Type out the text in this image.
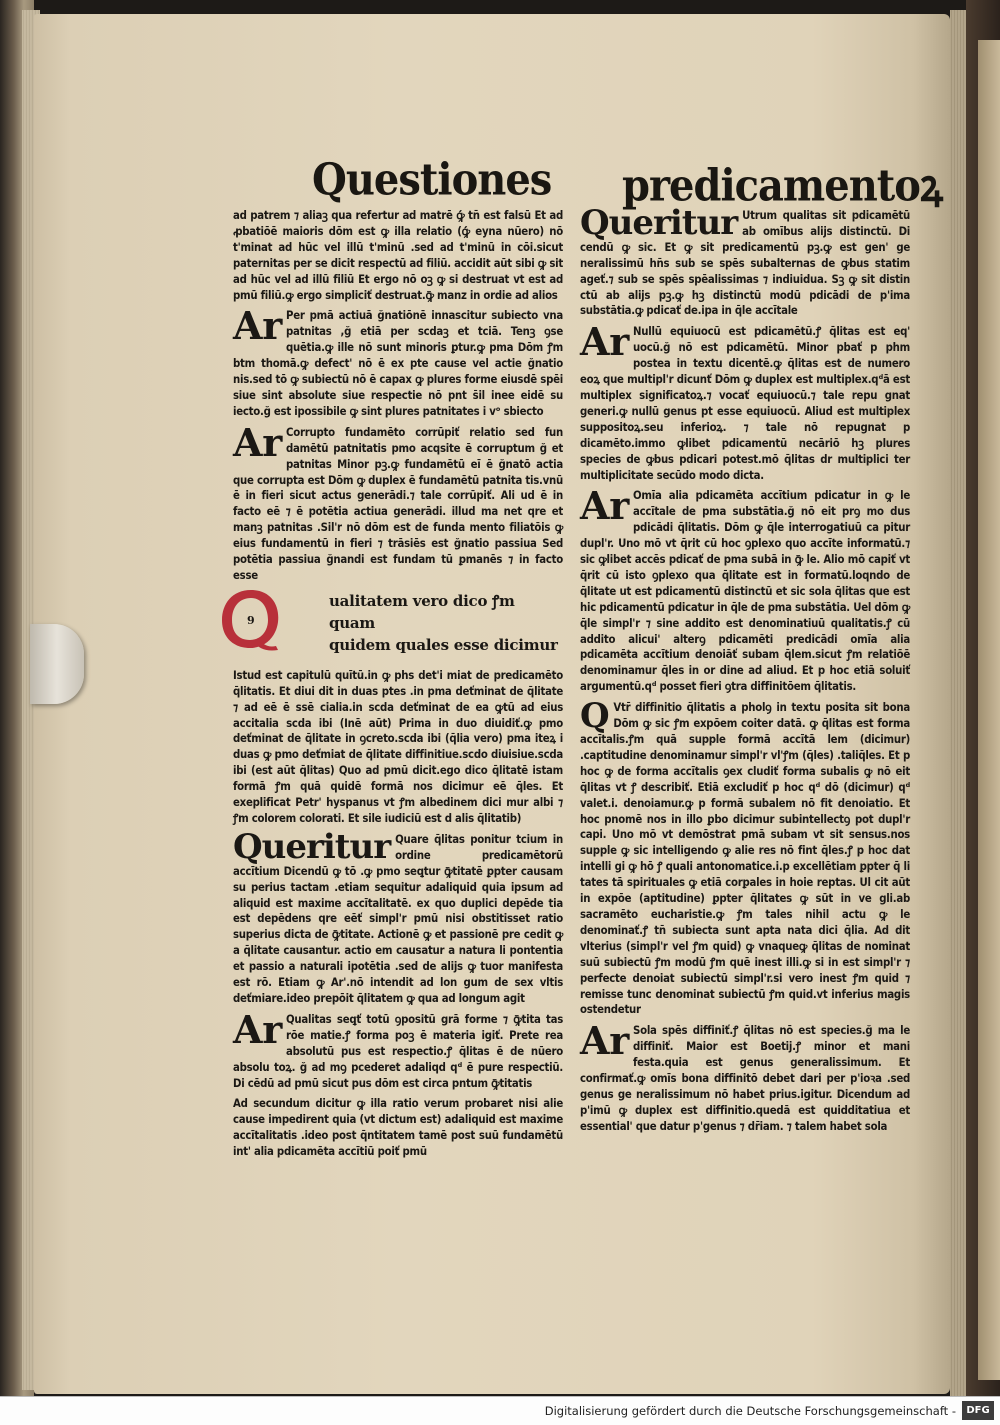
Questiones predicamentoꝝ

ad patrem ⁊ aliaꝫ qua refertur ad matrē ꝙ́ tn̄ est falsū Et ad ꝓbatiōē maioris dōm est ꝙ illa relatio (ꝙ́ eyna nūero) nō t'minat ad hūc vel illū t'minū .sed ad t'minū in cōi.sicut paternitas per se dicit respectū ad filiū. accidit aūt sibi ꝙ sit ad hūc vel ad illū filiū Et ergo nō oꝫ ꝙ si destruat vt est ad pmū filiū.ꝙ ergo simpliciť destruat.ꝙ̄ manz in ordie ad alios

Ar Per pmā actiuā ğnatiōnē innascitur subiecto vna patnitas ,ğ etiā per scdaꝫ et tciā. Tenꝫ ꝯse quētia.ꝙ ille nō sunt minoris ꝑtur.ꝙ pma Dōm ꝭm btm thomā.ꝙ defect' nō ē ex pte cause vel actie ğnatio nis.sed tō ꝙ subiectū nō ē capax ꝙ plures forme eiusdē spēi siue sint absolute siue respectie nō pnt s̄il inee eidē su iecto.ğ est ipossibile ꝙ sint plures patnitates i vᵒ sbiecto

Ar Corrupto fundamēto corrūpiť relatio sed fun damētū patnitatis pmo acqsite ē corruptum ğ et patnitas Minor pꝫ.ꝙ fundamētū eī ē ğnatō actia que corrupta est Dōm ꝙ duplex ē fundamētū patnita tis.vnū ē in fieri sicut actus generādi.⁊ tale corrūpiť. Ali ud ē in facto eē ⁊ ē potētia actiua generādi. illud ma net qre et manꝫ patnitas .Sil'r nō dōm est de funda mento filiatōis ꝙ eius fundamentū in fieri ⁊ trāsiēs est ğnatio passiua Sed potētia passiua ğnandi est fundam tū ꝑmanēs ⁊ in facto esse

9
ualitatem vero dico ꝭm quam
quidem quales esse dicimur

Istud est capitulū quītū.in ꝙ phs det'i miat de predicamēto q̄litatis. Et diui dit in duas ptes .in pma deťminat de q̄litate ⁊ ad eē ē ssē cialia.in scda deťminat de ea ꝙtū ad eius accitalia scda ibi (Inē aūt) Prima in duo diuidiť.ꝙ pmo deťminat de q̄litate in ꝯcreto.scda ibi (q̄lia vero) pma iteꝝ i duas ꝙ pmo deťmiat de q̄litate diffinitiue.scdo diuisiue.scda ibi (est aūt q̄litas) Quo ad pmū dicit.ego dico q̄litatē istam formā ꝭm quā quidē formā nos dicimur eē q̄les. Et exeplificat Petr' hyspanus vt ꝭm albedinem dici mur albi ⁊ ꝭm colorem colorati. Et sile iudiciū est d alis q̄litatib)

Queritur Quare q̄litas ponitur tcium in ordine predicamētorū accītium Dicendū ꝙ tō .ꝙ pmo seꝗtur ꝙ̄titatē ꝑpter causam su perius tactam .etiam sequitur adaliquid quia ipsum ad aliquid est maxime accītalitatē. ex quo duplici depēde tia est depēdens qre eēť simpl'r pmū nisi obstitisset ratio superius dicta de ꝙ̄titate. Actionē ꝙ et passionē pre cedit ꝙ a q̄litate causantur. actio em causatur a natura li pontentia et passio a naturali ipotētia .sed de alijs ꝙ tuor manifesta est rō. Etiam ꝙ Ar'.nō intendit ad lon gum de sex vltis deťmiare.ideo prepōit q̄litatem ꝙ qua ad longum agit

Ar Qualitas seꝗť totū ꝯpositū grā forme ⁊ ꝙ̄tita tas rōe matie.ꝭ forma poꝫ ē materia igiť. Prete rea absolutū pus est respectio.ꝭ q̄litas ē de nūero absolu toꝝ. ğ ad mꝯ pcederet adaliqd qᵈ ē pure respectiū. Di cēdū ad pmū sicut pus dōm est circa pntum ꝙ̄titatis

Ad secundum dicitur ꝙ illa ratio verum probaret nisi alie cause impedirent quia (vt dictum est) adaliquid est maxime accītalitatis .ideo post q̄ntitatem tamē post suū fundamētū int' alia pdicamēta accītiū poiť pmū

Queritur Utrum qualitas sit pdicamētū ab omībus alijs distinctū. Di cendū ꝙ sic. Et ꝙ sit predicamentū pꝫ.ꝙ est gen' ge neralissimū hn̄s sub se spēs subalternas de ꝙbus statim ageť.⁊ sub se spēs spēalissimas ⁊ indiuidua. Sꝫ ꝙ sit distin ctū ab alijs pꝫ.ꝙ hꝫ distinctū modū pdicādi de p'ima substātia.ꝙ pdicať de.ipa in q̄le accītale

Ar Nullū equiuocū est pdicamētū.ꝭ q̄litas est eq' uocū.ğ nō est pdicamētū. Minor pbať p phm postea in textu dicentē.ꝙ q̄litas est de numero eoꝝ que multipl'r dicunť Dōm ꝙ duplex est multiplex.qᵈā est multiplex significatoꝝ.⁊ vocať equiuocū.⁊ tale repu gnat generi.ꝙ nullū genus pt esse equiuocū. Aliud est multiplex suppositoꝝ.seu inferioꝝ. ⁊ tale nō repugnat p dicamēto.immo ꝙlibet pdicamentū necāriō hꝫ plures species de ꝙbus pdicari potest.mō q̄litas dr multiplici ter multiplicitate secūdo modo dicta.

Ar Omīa alia pdicamēta accītium pdicatur in ꝙ le accītale de pma substātia.ğ nō eit prꝯ mo dus pdicādi q̄litatis. Dōm ꝙ q̄le interrogatiuū ca pitur dupl'r. Uno mō vt q̄rit cū hoc ꝯplexo quo accīte informatū.⁊ sic ꝙlibet accēs pdicať de pma subā in ꝙ̄ le. Alio mō capiť vt q̄rit cū isto ꝯplexo qua q̄litate est in formatū.loqndo de q̄litate ut est pdicamentū distinctū et sic sola q̄litas que est hic pdicamentū pdicatur in q̄le de pma substātia. Uel dōm ꝙ q̄le simpl'r ⁊ sine addito est denominatiuū qualitatis.ꝭ cū addito alicui' alterꝯ pdicamēti predicādi omīa alia pdicamēta accītium denoiāť subam q̄lem.sicut ꝭm relatiōē denominamur q̄les in or dine ad aliud. Et p hoc etiā soluiť argumentū.qᵈ posset fieri ꝯtra diffinitōem q̄litatis.

Q Vtr̄ diffinitio q̄litatis a pholꝯ in textu posita sit bona Dōm ꝙ sic ꝭm expōem coiter datā. ꝙ q̄litas est forma accītalis.ꝭm quā supple formā accītā lem (dicimur) .captitudine denominamur simpl'r vl'ꝭm (q̄les) .taliq̄les. Et p hoc ꝙ de forma accītalis ꝯex cludiť forma subalis ꝙ nō eit q̄litas vt ꝭ describiť. Etiā excludiť p hoc qᵈ dō (dicimur) qᵈ valet.i. denoiamur.ꝙ p formā subalem nō fit denoiatio. Et hoc pnomē nos in illo ꝑbo dicimur subintellectꝯ pot dupl'r capi. Uno mō vt demōstrat pmā subam vt sit sensus.nos supple ꝙ sic intelligendo ꝙ alie res nō fint q̄les.ꝭ p hoc dat intelli gi ꝙ hō ꝭ quali antonomatice.i.p excellētiam ꝑpter q̄ li tates tā spirituales ꝙ etiā corꝑales in hoie reptas. Ul cit aūt in expōe (aptitudine) ꝑpter q̄litates ꝙ sūt in ve gli.ab sacramēto eucharistie.ꝙ ꝭm tales nihil actu ꝙ le denominať.ꝭ tn̄ subiecta sunt apta nata dici q̄lia. Ad dit vlterius (simpl'r vel ꝭm quid) ꝙ vnaqueꝙ q̄litas de nominat suū subiectū ꝭm modū ꝭm quē inest illi.ꝙ si in est simpl'r ⁊ perfecte denoiat subiectū simpl'r.si vero inest ꝭm quid ⁊ remisse tunc denominat subiectū ꝭm quid.vt inferius magis ostendetur

Ar Sola spēs diffiniť.ꝭ q̄litas nō est species.ğ ma le diffiniť. Maior est Boetij.ꝭ minor et mani festa.quia est genus generalissimum. Et confirmať.ꝙ omīs bona diffinitō debet dari per p'ioꝛa .sed genus ge neralissimum nō habet prius.igitur. Dicendum ad p'imū ꝙ duplex est diffinitio.quedā est quidditatiua et essential' que datur p'genus ⁊ dr̄iam. ⁊ talem habet sola

Digitalisierung gefördert durch die Deutsche Forschungsgemeinschaft -	DFG
